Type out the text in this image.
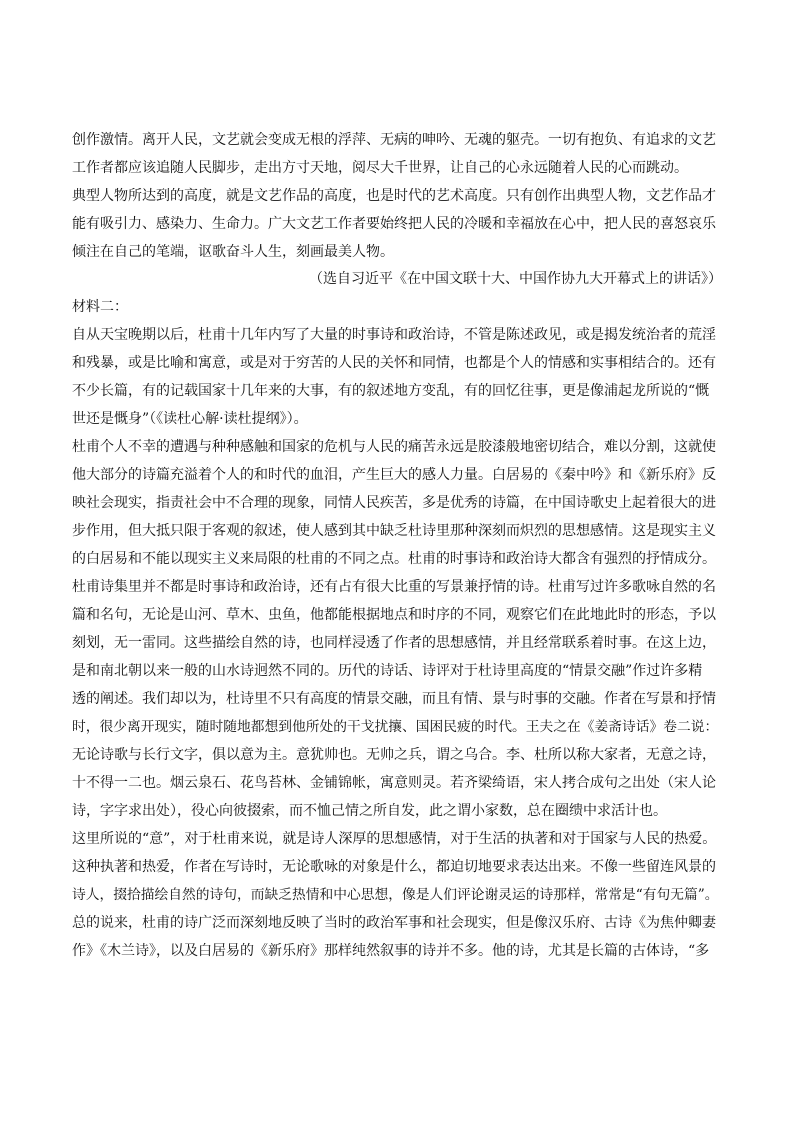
创作激情。离开人民，文艺就会变成无根的浮萍、无病的呻吟、无魂的躯壳。一切有抱负、有追求的文艺
工作者都应该追随人民脚步，走出方寸天地，阅尽大千世界，让自己的心永远随着人民的心而跳动。
典型人物所达到的高度，就是文艺作品的高度，也是时代的艺术高度。只有创作出典型人物，文艺作品才
能有吸引力、感染力、生命力。广大文艺工作者要始终把人民的冷暖和幸福放在心中，把人民的喜怒哀乐
倾注在自己的笔端，讴歌奋斗人生，刻画最美人物。
（选自习近平《在中国文联十大、中国作协九大开幕式上的讲话》）
材料二：
自从天宝晚期以后，杜甫十几年内写了大量的时事诗和政治诗，不管是陈述政见，或是揭发统治者的荒淫
和残暴，或是比喻和寓意，或是对于穷苦的人民的关怀和同情，也都是个人的情感和实事相结合的。还有
不少长篇，有的记载国家十几年来的大事，有的叙述地方变乱，有的回忆往事，更是像浦起龙所说的“慨
世还是慨身”（《读杜心解·读杜提纲》）。
杜甫个人不幸的遭遇与种种感触和国家的危机与人民的痛苦永远是胶漆般地密切结合，难以分割，这就使
他大部分的诗篇充溢着个人的和时代的血泪，产生巨大的感人力量。白居易的《秦中吟》和《新乐府》反
映社会现实，指责社会中不合理的现象，同情人民疾苦，多是优秀的诗篇，在中国诗歌史上起着很大的进
步作用，但大抵只限于客观的叙述，使人感到其中缺乏杜诗里那种深刻而炽烈的思想感情。这是现实主义
的白居易和不能以现实主义来局限的杜甫的不同之点。杜甫的时事诗和政治诗大都含有强烈的抒情成分。
杜甫诗集里并不都是时事诗和政治诗，还有占有很大比重的写景兼抒情的诗。杜甫写过许多歌咏自然的名
篇和名句，无论是山河、草木、虫鱼，他都能根据地点和时序的不同，观察它们在此地此时的形态，予以
刻划，无一雷同。这些描绘自然的诗，也同样浸透了作者的思想感情，并且经常联系着时事。在这上边，
是和南北朝以来一般的山水诗迥然不同的。历代的诗话、诗评对于杜诗里高度的“情景交融”作过许多精
透的阐述。我们却以为，杜诗里不只有高度的情景交融，而且有情、景与时事的交融。作者在写景和抒情
时，很少离开现实，随时随地都想到他所处的干戈扰攘、国困民疲的时代。王夫之在《姜斋诗话》卷二说：
无论诗歌与长行文字，俱以意为主。意犹帅也。无帅之兵，谓之乌合。李、杜所以称大家者，无意之诗，
十不得一二也。烟云泉石、花鸟苔林、金铺锦帐，寓意则灵。若齐梁绮语，宋人拷合成句之出处（宋人论
诗，字字求出处），役心向彼掇索，而不恤己情之所自发，此之谓小家数，总在圈缋中求活计也。
这里所说的“意”，对于杜甫来说，就是诗人深厚的思想感情，对于生活的执著和对于国家与人民的热爱。
这种执著和热爱，作者在写诗时，无论歌咏的对象是什么，都迫切地要求表达出来。不像一些留连风景的
诗人，掇拾描绘自然的诗句，而缺乏热情和中心思想，像是人们评论谢灵运的诗那样，常常是“有句无篇”。
总的说来，杜甫的诗广泛而深刻地反映了当时的政治军事和社会现实，但是像汉乐府、古诗《为焦仲卿妻
作》《木兰诗》，以及白居易的《新乐府》那样纯然叙事的诗并不多。他的诗，尤其是长篇的古体诗，“多
